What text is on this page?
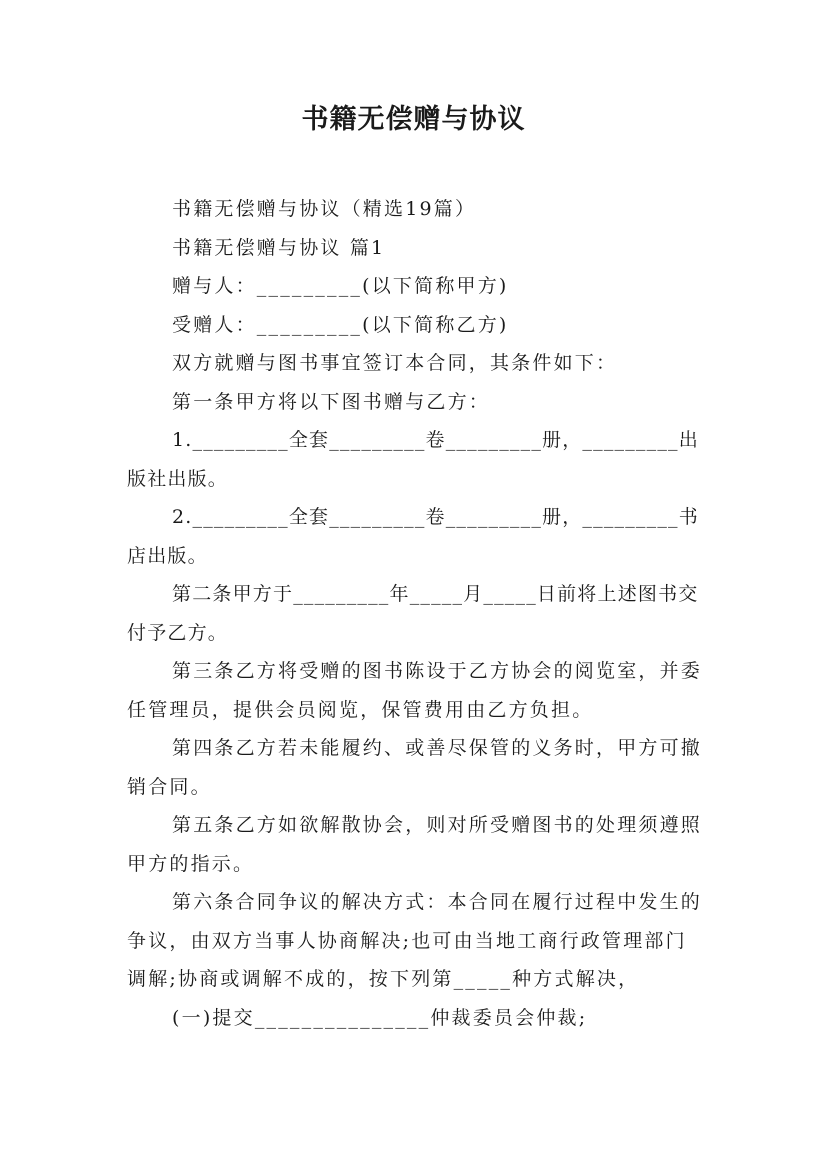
书籍无偿赠与协议

书籍无偿赠与协议（精选19篇）

书籍无偿赠与协议 篇1

赠与人：_________(以下简称甲方)

受赠人：_________(以下简称乙方)

双方就赠与图书事宜签订本合同，其条件如下：

第一条甲方将以下图书赠与乙方：

1._________全套_________卷_________册，_________出版社出版。

2._________全套_________卷_________册，_________书店出版。

第二条甲方于_________年_____月_____日前将上述图书交付予乙方。

第三条乙方将受赠的图书陈设于乙方协会的阅览室，并委任管理员，提供会员阅览，保管费用由乙方负担。

第四条乙方若未能履约、或善尽保管的义务时，甲方可撤销合同。

第五条乙方如欲解散协会，则对所受赠图书的处理须遵照甲方的指示。

第六条合同争议的解决方式：本合同在履行过程中发生的争议，由双方当事人协商解决;也可由当地工商行政管理部门调解;协商或调解不成的，按下列第_____种方式解决，

(一)提交_______________仲裁委员会仲裁;
